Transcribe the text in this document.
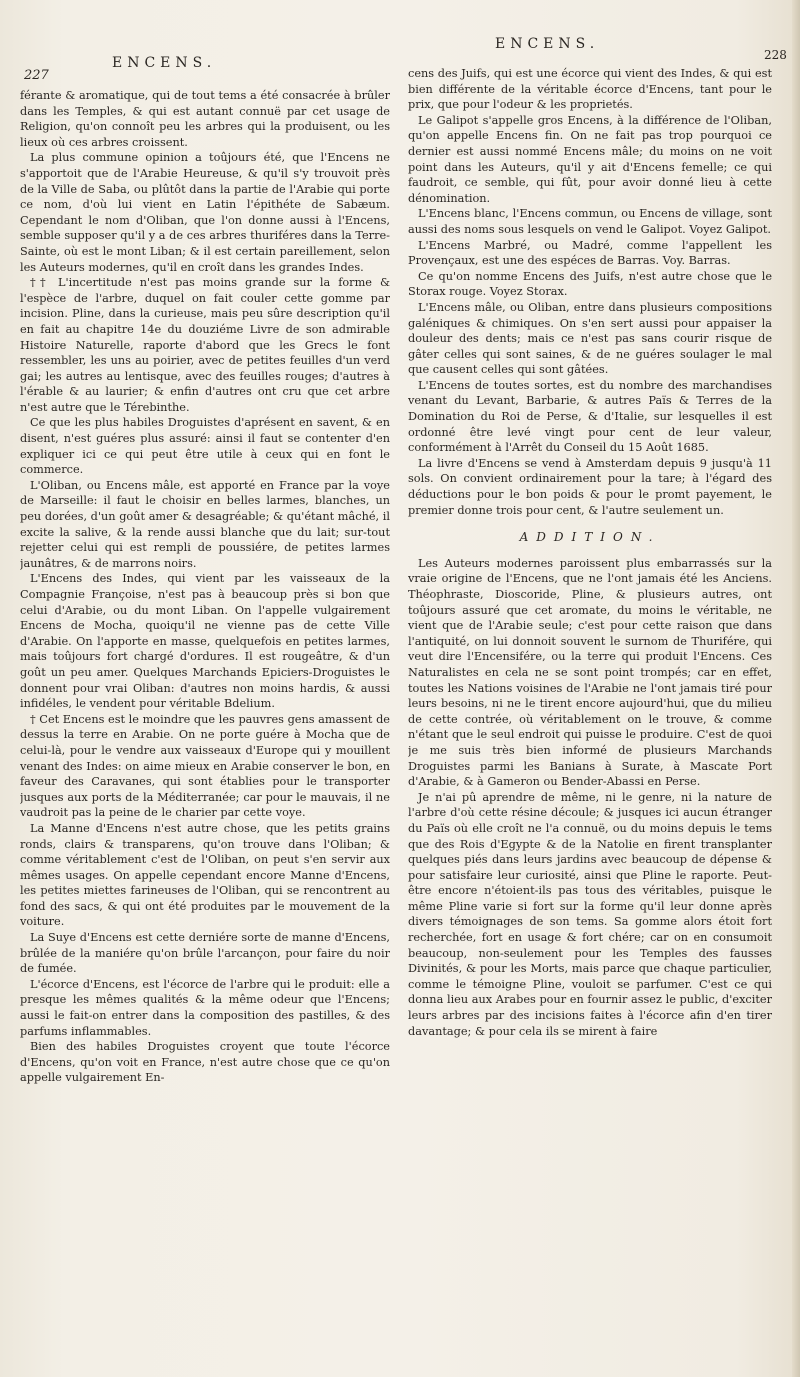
227
ENCENS.
ENCENS.
228

férante & aromatique, qui de tout tems a été consacrée à brûler dans les Temples, & qui est autant connuë par cet usage de Religion, qu'on connoît peu les arbres qui la produisent, ou les lieux où ces arbres croissent.

La plus commune opinion a toûjours été, que l'Encens ne s'apportoit que de l'Arabie Heureuse, & qu'il s'y trouvoit près de la Ville de Saba, ou plûtôt dans la partie de l'Arabie qui porte ce nom, d'où lui vient en Latin l'épithéte de Sabæum. Cependant le nom d'Oliban, que l'on donne aussi à l'Encens, semble supposer qu'il y a de ces arbres thuriféres dans la Terre-Sainte, où est le mont Liban; & il est certain pareillement, selon les Auteurs modernes, qu'il en croît dans les grandes Indes.

†† L'incertitude n'est pas moins grande sur la forme & l'espèce de l'arbre, duquel on fait couler cette gomme par incision. Pline, dans la curieuse, mais peu sûre description qu'il en fait au chapitre 14e du douziéme Livre de son admirable Histoire Naturelle, raporte d'abord que les Grecs le font ressembler, les uns au poirier, avec de petites feuilles d'un verd gai; les autres au lentisque, avec des feuilles rouges; d'autres à l'érable & au laurier; & enfin d'autres ont cru que cet arbre n'est autre que le Térebinthe.

Ce que les plus habiles Droguistes d'aprésent en savent, & en disent, n'est guéres plus assuré: ainsi il faut se contenter d'en expliquer ici ce qui peut être utile à ceux qui en font le commerce.

L'Oliban, ou Encens mâle, est apporté en France par la voye de Marseille: il faut le choisir en belles larmes, blanches, un peu dorées, d'un goût amer & desagréable; & qu'étant mâché, il excite la salive, & la rende aussi blanche que du lait; sur-tout rejetter celui qui est rempli de poussiére, de petites larmes jaunâtres, & de marrons noirs.

L'Encens des Indes, qui vient par les vaisseaux de la Compagnie Françoise, n'est pas à beaucoup près si bon que celui d'Arabie, ou du mont Liban. On l'appelle vulgairement Encens de Mocha, quoiqu'il ne vienne pas de cette Ville d'Arabie. On l'apporte en masse, quelquefois en petites larmes, mais toûjours fort chargé d'ordures. Il est rougeâtre, & d'un goût un peu amer. Quelques Marchands Epiciers-Droguistes le donnent pour vrai Oliban: d'autres non moins hardis, & aussi infidéles, le vendent pour véritable Bdelium.

† Cet Encens est le moindre que les pauvres gens amassent de dessus la terre en Arabie. On ne porte guére à Mocha que de celui-là, pour le vendre aux vaisseaux d'Europe qui y mouillent venant des Indes: on aime mieux en Arabie conserver le bon, en faveur des Caravanes, qui sont établies pour le transporter jusques aux ports de la Méditerranée; car pour le mauvais, il ne vaudroit pas la peine de le charier par cette voye.

La Manne d'Encens n'est autre chose, que les petits grains ronds, clairs & transparens, qu'on trouve dans l'Oliban; & comme véritablement c'est de l'Oliban, on peut s'en servir aux mêmes usages. On appelle cependant encore Manne d'Encens, les petites miettes farineuses de l'Oliban, qui se rencontrent au fond des sacs, & qui ont été produites par le mouvement de la voiture.

La Suye d'Encens est cette derniére sorte de manne d'Encens, brûlée de la maniére qu'on brûle l'arcançon, pour faire du noir de fumée.

L'écorce d'Encens, est l'écorce de l'arbre qui le produit: elle a presque les mêmes qualités & la même odeur que l'Encens; aussi le fait-on entrer dans la composition des pastilles, & des parfums inflammables.

Bien des habiles Droguistes croyent que toute l'écorce d'Encens, qu'on voit en France, n'est autre chose que ce qu'on appelle vulgairement En-

cens des Juifs, qui est une écorce qui vient des Indes, & qui est bien différente de la véritable écorce d'Encens, tant pour le prix, que pour l'odeur & les proprietés.

Le Galipot s'appelle gros Encens, à la différence de l'Oliban, qu'on appelle Encens fin. On ne fait pas trop pourquoi ce dernier est aussi nommé Encens mâle; du moins on ne voit point dans les Auteurs, qu'il y ait d'Encens femelle; ce qui faudroit, ce semble, qui fût, pour avoir donné lieu à cette dénomination.

L'Encens blanc, l'Encens commun, ou Encens de village, sont aussi des noms sous lesquels on vend le Galipot. Voyez Galipot.

L'Encens Marbré, ou Madré, comme l'appellent les Provençaux, est une des espéces de Barras. Voy. Barras.

Ce qu'on nomme Encens des Juifs, n'est autre chose que le Storax rouge. Voyez Storax.

L'Encens mâle, ou Oliban, entre dans plusieurs compositions galéniques & chimiques. On s'en sert aussi pour appaiser la douleur des dents; mais ce n'est pas sans courir risque de gâter celles qui sont saines, & de ne guéres soulager le mal que causent celles qui sont gâtées.

L'Encens de toutes sortes, est du nombre des marchandises venant du Levant, Barbarie, & autres Païs & Terres de la Domination du Roi de Perse, & d'Italie, sur lesquelles il est ordonné être levé vingt pour cent de leur valeur, conformément à l'Arrêt du Conseil du 15 Août 1685.

La livre d'Encens se vend à Amsterdam depuis 9 jusqu'à 11 sols. On convient ordinairement pour la tare; à l'égard des déductions pour le bon poids & pour le promt payement, le premier donne trois pour cent, & l'autre seulement un.

ADDITION.

Les Auteurs modernes paroissent plus embarrassés sur la vraie origine de l'Encens, que ne l'ont jamais été les Anciens. Théophraste, Dioscoride, Pline, & plusieurs autres, ont toûjours assuré que cet aromate, du moins le véritable, ne vient que de l'Arabie seule; c'est pour cette raison que dans l'antiquité, on lui donnoit souvent le surnom de Thurifére, qui veut dire l'Encensifére, ou la terre qui produit l'Encens. Ces Naturalistes en cela ne se sont point trompés; car en effet, toutes les Nations voisines de l'Arabie ne l'ont jamais tiré pour leurs besoins, ni ne le tirent encore aujourd'hui, que du milieu de cette contrée, où véritablement on le trouve, & comme n'étant que le seul endroit qui puisse le produire. C'est de quoi je me suis très bien informé de plusieurs Marchands Droguistes parmi les Banians à Surate, à Mascate Port d'Arabie, & à Gameron ou Bender-Abassi en Perse.

Je n'ai pû aprendre de même, ni le genre, ni la nature de l'arbre d'où cette résine découle; & jusques ici aucun étranger du Païs où elle croît ne l'a connuë, ou du moins depuis le tems que des Rois d'Egypte & de la Natolie en firent transplanter quelques piés dans leurs jardins avec beaucoup de dépense & pour satisfaire leur curiosité, ainsi que Pline le raporte. Peut-être encore n'étoient-ils pas tous des véritables, puisque le même Pline varie si fort sur la forme qu'il leur donne après divers témoignages de son tems. Sa gomme alors étoit fort recherchée, fort en usage & fort chére; car on en consumoit beaucoup, non-seulement pour les Temples des fausses Divinités, & pour les Morts, mais parce que chaque particulier, comme le témoigne Pline, vouloit se parfumer. C'est ce qui donna lieu aux Arabes pour en fournir assez le public, d'exciter leurs arbres par des incisions faites à l'écorce afin d'en tirer davantage; & pour cela ils se mirent à faire
